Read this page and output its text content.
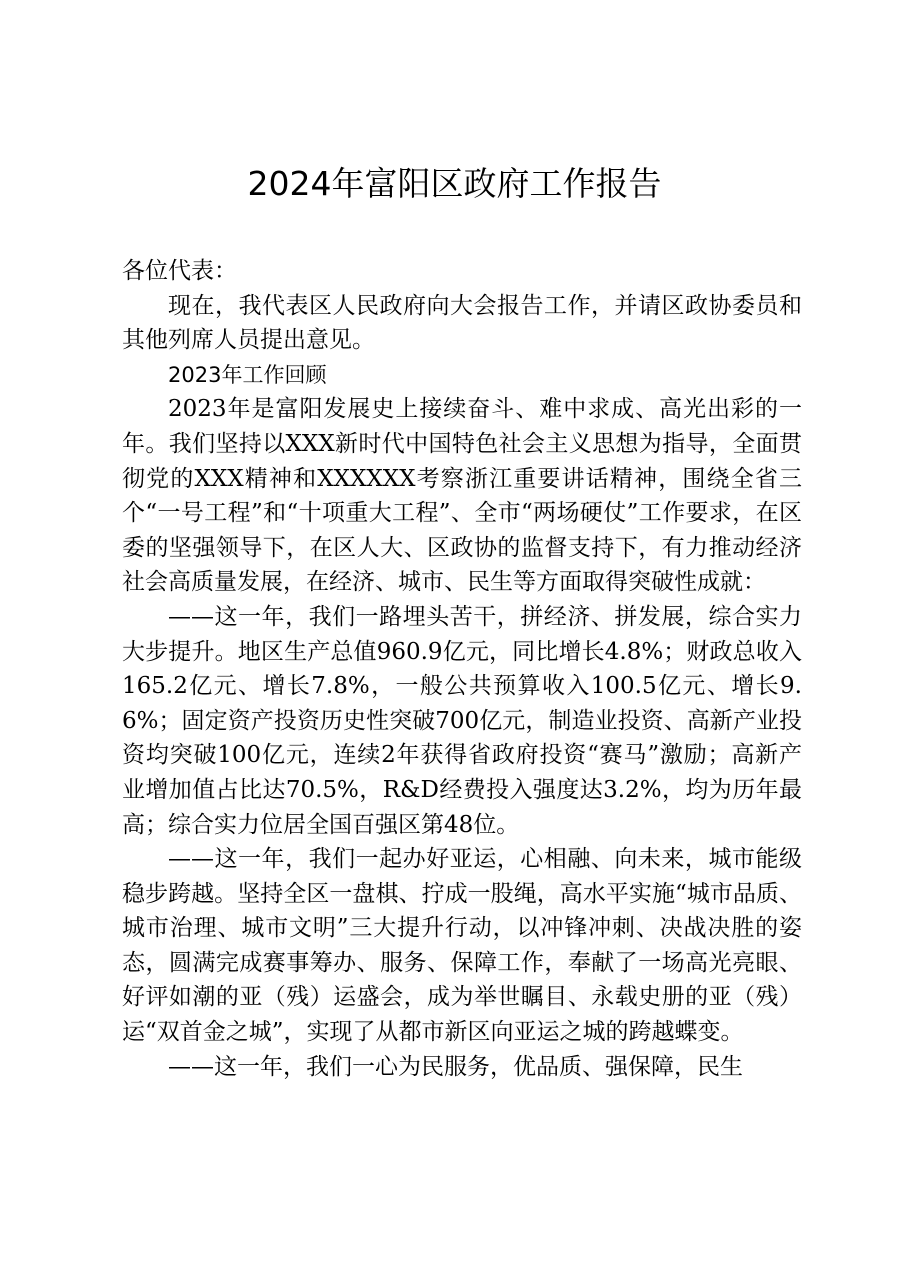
2024年富阳区政府工作报告

各位代表：

现在，我代表区人民政府向大会报告工作，并请区政协委员和其他列席人员提出意见。

2023年工作回顾

2023年是富阳发展史上接续奋斗、难中求成、高光出彩的一年。我们坚持以XXX新时代中国特色社会主义思想为指导，全面贯彻党的XXX精神和XXXXXX考察浙江重要讲话精神，围绕全省三个“一号工程”和“十项重大工程”、全市“两场硬仗”工作要求，在区委的坚强领导下，在区人大、区政协的监督支持下，有力推动经济社会高质量发展，在经济、城市、民生等方面取得突破性成就：

——这一年，我们一路埋头苦干，拼经济、拼发展，综合实力大步提升。地区生产总值960.9亿元，同比增长4.8%；财政总收入165.2亿元、增长7.8%，一般公共预算收入100.5亿元、增长9.6%；固定资产投资历史性突破700亿元，制造业投资、高新产业投资均突破100亿元，连续2年获得省政府投资“赛马”激励；高新产业增加值占比达70.5%，R&D经费投入强度达3.2%，均为历年最高；综合实力位居全国百强区第48位。

——这一年，我们一起办好亚运，心相融、向未来，城市能级稳步跨越。坚持全区一盘棋、拧成一股绳，高水平实施“城市品质、城市治理、城市文明”三大提升行动，以冲锋冲刺、决战决胜的姿态，圆满完成赛事筹办、服务、保障工作，奉献了一场高光亮眼、好评如潮的亚（残）运盛会，成为举世瞩目、永载史册的亚（残）运“双首金之城”，实现了从都市新区向亚运之城的跨越蝶变。

——这一年，我们一心为民服务，优品质、强保障，民生
